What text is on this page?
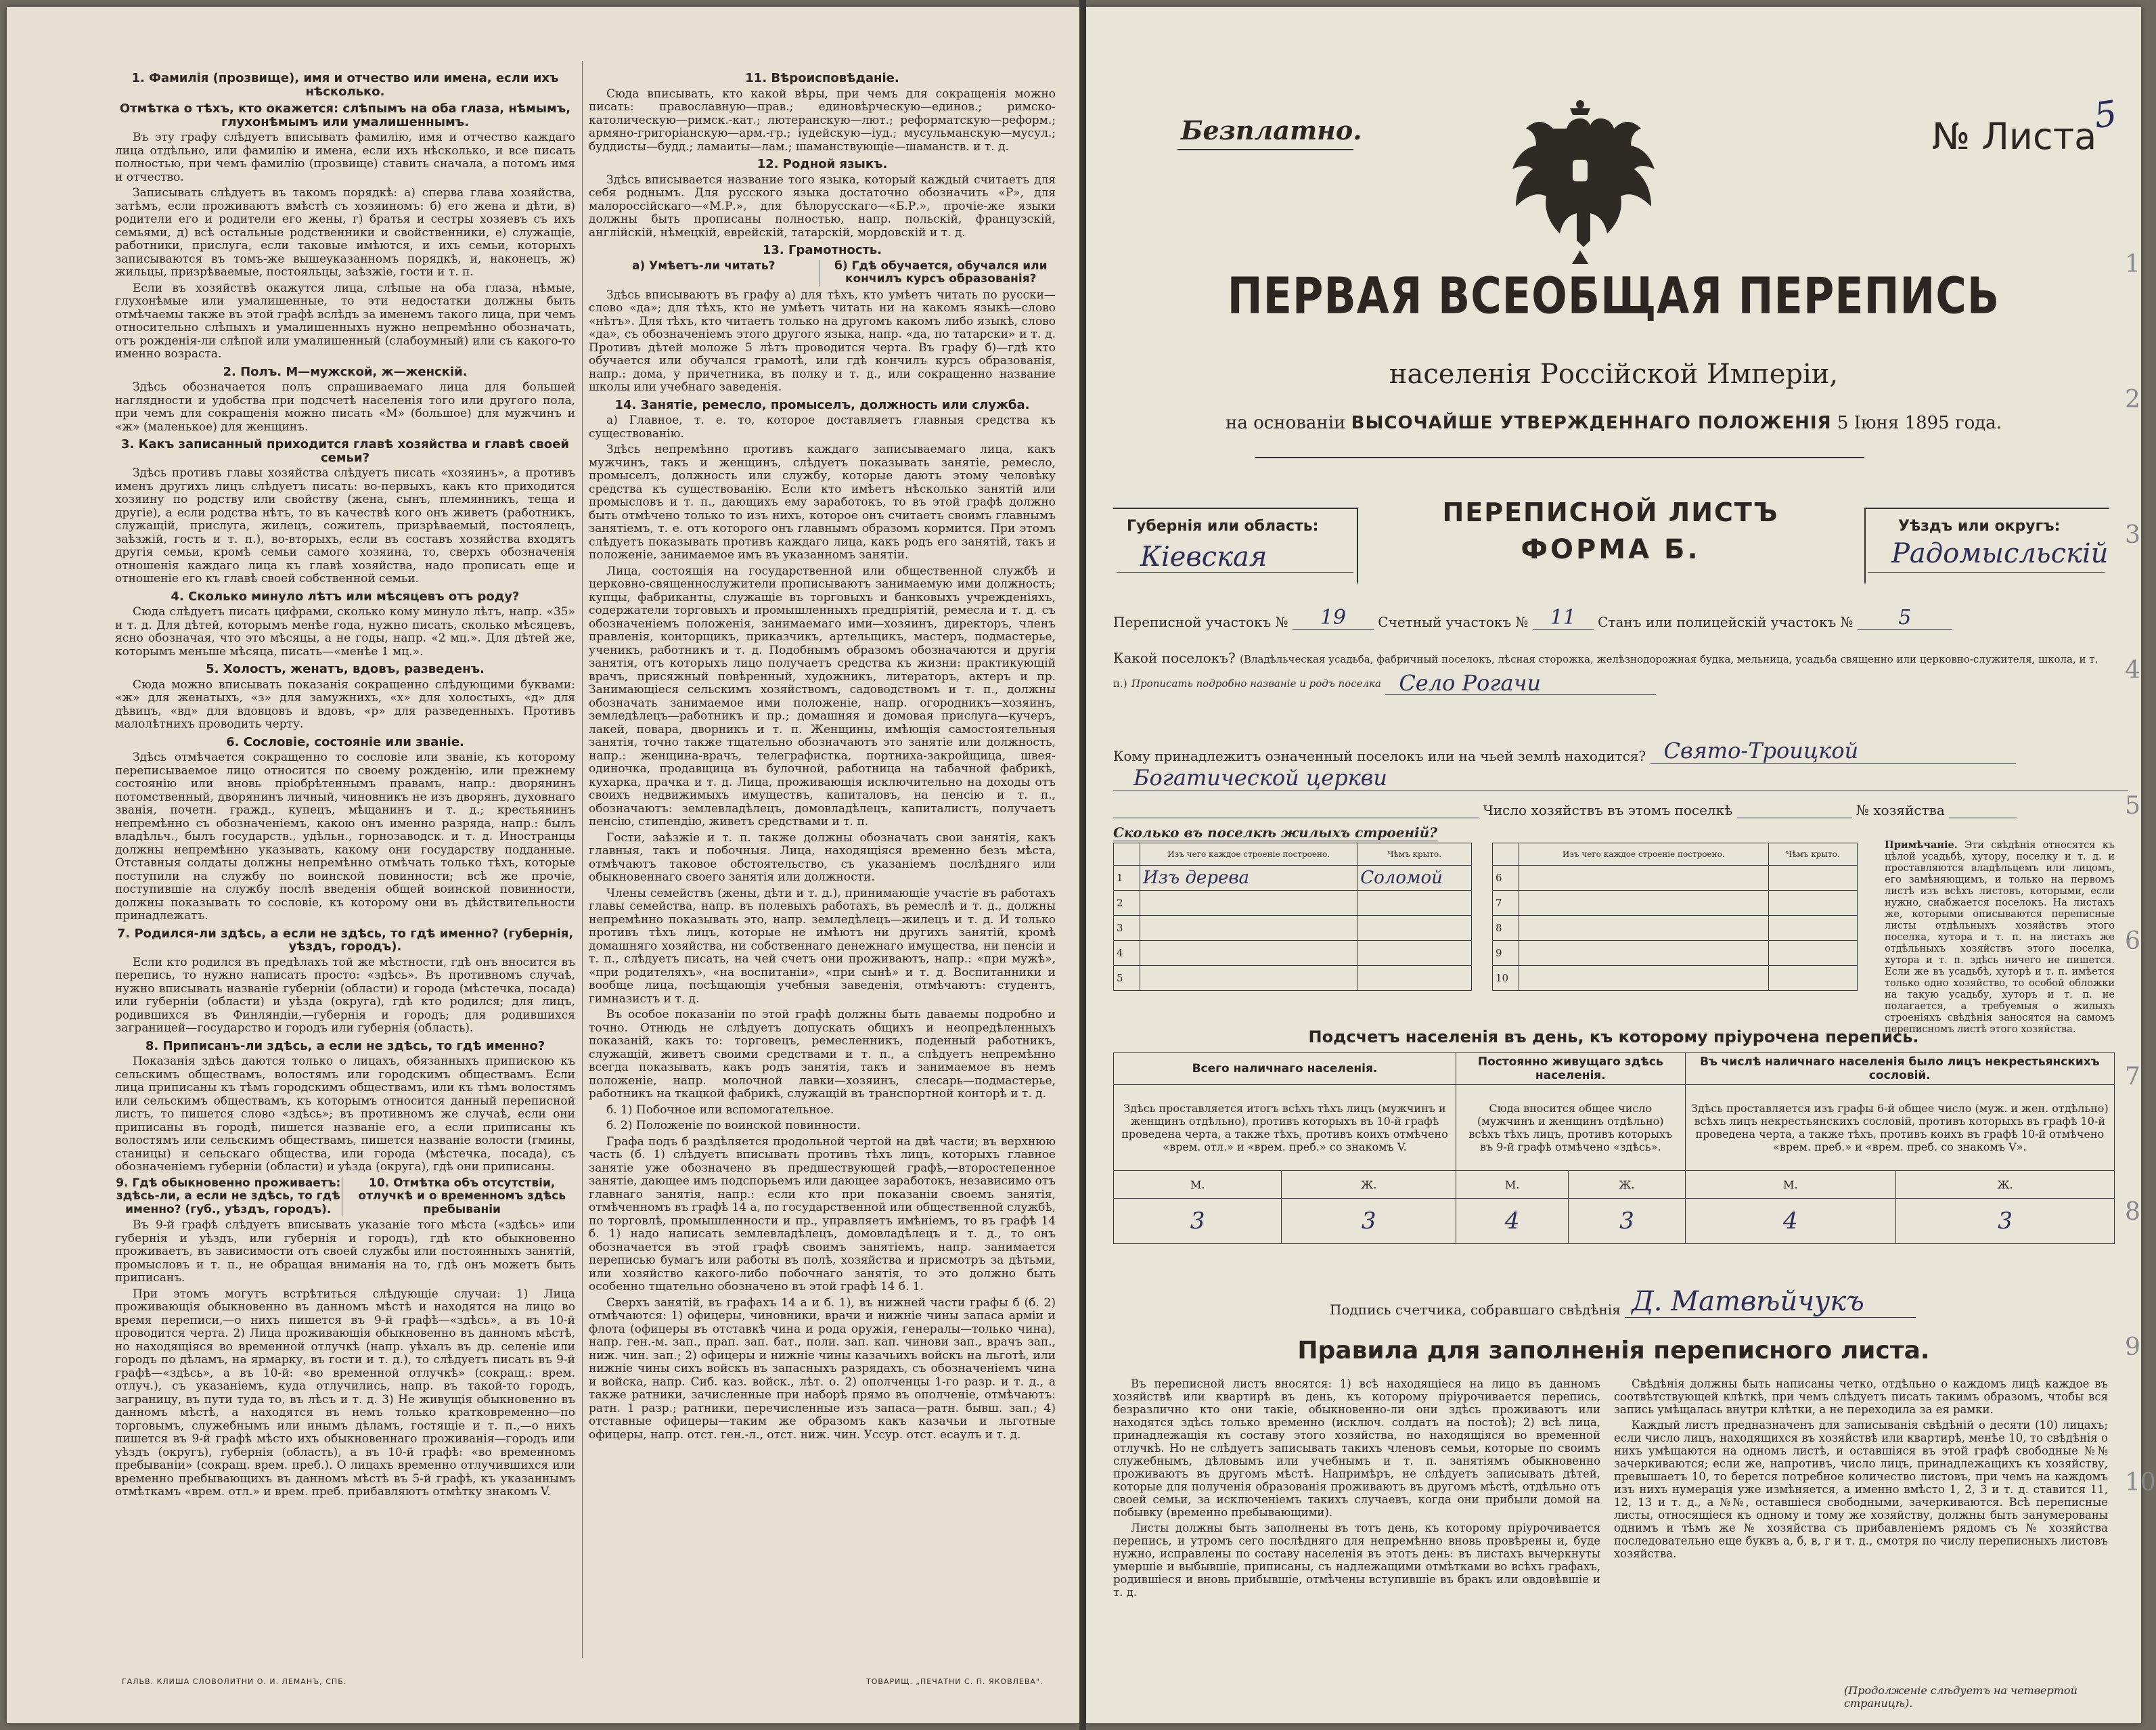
1. Фамилія (прозвище), имя и отчество или имена, если ихъ нѣсколько.
Отмѣтка о тѣхъ, кто окажется: слѣпымъ на оба глаза, нѣмымъ, глухонѣмымъ или умалишеннымъ.

Въ эту графу слѣдуетъ вписывать фамилію, имя и отчество каждаго лица отдѣльно, или фамилію и имена, если ихъ нѣсколько, и все писать полностью, при чемъ фамилію (прозвище) ставить сначала, а потомъ имя и отчество.

Записывать слѣдуетъ въ такомъ порядкѣ: а) сперва глава хозяйства, затѣмъ, если проживаютъ вмѣстѣ съ хозяиномъ: б) его жена и дѣти, в) родители его и родители его жены, г) братья и сестры хозяевъ съ ихъ семьями, д) всѣ остальные родственники и свойственники, е) служащіе, работники, прислуга, если таковые имѣются, и ихъ семьи, которыхъ записываются въ томъ-же вышеуказанномъ порядкѣ, и, наконецъ, ж) жильцы, призрѣваемые, постояльцы, заѣзжіе, гости и т. п.

Если въ хозяйствѣ окажутся лица, слѣпые на оба глаза, нѣмые, глухонѣмые или умалишенные, то эти недостатки должны быть отмѣчаемы также въ этой графѣ вслѣдъ за именемъ такого лица, при чемъ относительно слѣпыхъ и умалишенныхъ нужно непремѣнно обозначать, отъ рожденія-ли слѣпой или умалишенный (слабоумный) или съ какого-то именно возраста.

2. Полъ. М—мужской, ж—женскій.

Здѣсь обозначается полъ спрашиваемаго лица для большей наглядности и удобства при подсчетѣ населенія того или другого пола, при чемъ для сокращенія можно писать «М» (большое) для мужчинъ и «ж» (маленькое) для женщинъ.

3. Какъ записанный приходится главѣ хозяйства и главѣ своей семьи?

Здѣсь противъ главы хозяйства слѣдуетъ писать «хозяинъ», а противъ именъ другихъ лицъ слѣдуетъ писать: во-первыхъ, какъ кто приходится хозяину по родству или свойству (жена, сынъ, племянникъ, теща и другіе), а если родства нѣтъ, то въ качествѣ кого онъ живетъ (работникъ, служащій, прислуга, жилецъ, сожитель, призрѣваемый, постоялецъ, заѣзжій, гость и т. п.), во-вторыхъ, если въ составъ хозяйства входятъ другія семьи, кромѣ семьи самого хозяина, то, сверхъ обозначенія отношенія каждаго лица къ главѣ хозяйства, надо прописать еще и отношеніе его къ главѣ своей собственной семьи.

4. Сколько минуло лѣтъ или мѣсяцевъ отъ роду?

Сюда слѣдуетъ писать цифрами, сколько кому минуло лѣтъ, напр. «35» и т. д. Для дѣтей, которымъ менѣе года, нужно писать, сколько мѣсяцевъ, ясно обозначая, что это мѣсяцы, а не годы, напр. «2 мц.». Для дѣтей же, которымъ меньше мѣсяца, писать—«менѣе 1 мц.».

5. Холостъ, женатъ, вдовъ, разведенъ.

Сюда можно вписывать показанія сокращенно слѣдующими буквами: «ж» для женатыхъ, «з» для замужнихъ, «х» для холостыхъ, «д» для дѣвицъ, «вд» для вдовцовъ и вдовъ, «р» для разведенныхъ. Противъ малолѣтнихъ проводить черту.

6. Сословіе, состояніе или званіе.

Здѣсь отмѣчается сокращенно то сословіе или званіе, къ которому переписываемое лицо относится по своему рожденію, или прежнему состоянію или вновь пріобрѣтеннымъ правамъ, напр.: дворянинъ потомственный, дворянинъ личный, чиновникъ не изъ дворянъ, духовнаго званія, почетн. гражд., купецъ, мѣщанинъ и т. д.; крестьянинъ непремѣнно съ обозначеніемъ, какою онъ именно разряда, напр.: былъ владѣльч., былъ государств., удѣльн., горнозаводск. и т. д. Иностранцы должны непремѣнно указывать, какому они государству подданные. Отставныя солдаты должны непремѣнно отмѣчать только тѣхъ, которые поступили на службу по воинской повинности; всѣ же прочіе, поступившіе на службу послѣ введенія общей воинской повинности, должны показывать то сословіе, къ которому они въ дѣйствительности принадлежатъ.

7. Родился-ли здѣсь, а если не здѣсь, то гдѣ именно? (губернія, уѣздъ, городъ).

Если кто родился въ предѣлахъ той же мѣстности, гдѣ онъ вносится въ перепись, то нужно написать просто: «здѣсь». Въ противномъ случаѣ, нужно вписывать названіе губерніи (области) и города (мѣстечка, посада) или губерніи (области) и уѣзда (округа), гдѣ кто родился; для лицъ, родившихся въ Финляндіи,—губернія и городъ; для родившихся заграницей—государство и городъ или губернія (область).

8. Приписанъ-ли здѣсь, а если не здѣсь, то гдѣ именно?

Показанія здѣсь даются только о лицахъ, обязанныхъ припискою къ сельскимъ обществамъ, волостямъ или городскимъ обществамъ. Если лица приписаны къ тѣмъ городскимъ обществамъ, или къ тѣмъ волостямъ или сельскимъ обществамъ, къ которымъ относится данный переписной листъ, то пишется слово «здѣсь»; въ противномъ же случаѣ, если они приписаны въ городѣ, пишется названіе его, а если приписаны къ волостямъ или сельскимъ обществамъ, пишется названіе волости (гмины, станицы) и сельскаго общества, или города (мѣстечка, посада), съ обозначеніемъ губерніи (области) и уѣзда (округа), гдѣ они приписаны.

9. Гдѣ обыкновенно проживаетъ: здѣсь-ли, а если не здѣсь, то гдѣ именно? (губ., уѣздъ, городъ).
10. Отмѣтка объ отсутствіи, отлучкѣ и о временномъ здѣсь пребываніи

Въ 9-й графѣ слѣдуетъ вписывать указаніе того мѣста («здѣсь» или губернія и уѣздъ, или губернія и городъ), гдѣ кто обыкновенно проживаетъ, въ зависимости отъ своей службы или постоянныхъ занятій, промысловъ и т. п., не обращая вниманія на то, гдѣ онъ можетъ быть приписанъ.

При этомъ могутъ встрѣтиться слѣдующіе случаи: 1) Лица проживающія обыкновенно въ данномъ мѣстѣ и находятся на лицо во время переписи,—о нихъ пишется въ 9-й графѣ—«здѣсь», а въ 10-й проводится черта. 2) Лица проживающія обыкновенно въ данномъ мѣстѣ, но находящіяся во временной отлучкѣ (напр. уѣхалъ въ др. селеніе или городъ по дѣламъ, на ярмарку, въ гости и т. д.), то слѣдуетъ писать въ 9-й графѣ—«здѣсь», а въ 10-й: «во временной отлучкѣ» (сокращ.: врем. отлуч.), съ указаніемъ, куда отлучились, напр. въ такой-то городъ, заграницу, въ пути туда то, въ лѣсъ и т. д. 3) Не живущія обыкновенно въ данномъ мѣстѣ, а находятся въ немъ только кратковременно—по торговымъ, служебнымъ или инымъ дѣламъ, гостящіе и т. п.,—о нихъ пишется въ 9-й графѣ мѣсто ихъ обыкновеннаго проживанія—городъ или уѣздъ (округъ), губернія (область), а въ 10-й графѣ: «во временномъ пребываніи» (сокращ. врем. преб.). О лицахъ временно отлучившихся или временно пребывающихъ въ данномъ мѣстѣ въ 5-й графѣ, къ указаннымъ отмѣткамъ «врем. отл.» и врем. преб. прибавляютъ отмѣтку знакомъ V.

11. Вѣроисповѣданіе.

Сюда вписывать, кто какой вѣры, при чемъ для сокращенія можно писать: православную—прав.; единовѣрческую—единов.; римско-католическую—римск.-кат.; лютеранскую—лют.; реформатскую—реформ.; армяно-григоріанскую—арм.-гр.; іудейскую—іуд.; мусульманскую—мусул.; буддисты—будд.; ламаиты—лам.; шаманствующіе—шаманств. и т. д.

12. Родной языкъ.

Здѣсь вписывается название того языка, который каждый считаетъ для себя роднымъ. Для русского языка достаточно обозначить «Р», для малороссійскаго—«М.Р.», для бѣлорусскаго—«Б.Р.», прочіе-же языки должны быть прописаны полностью, напр. польскій, французскій, англійскій, нѣмецкій, еврейскій, татарскій, мордовскій и т. д.

13. Грамотность.
а) Умѣетъ-ли читать?	б) Гдѣ обучается, обучался или кончилъ курсъ образованія?

Здѣсь вписываютъ въ графу а) для тѣхъ, кто умѣетъ читать по русски—слово «да»; для тѣхъ, кто не умѣетъ читать ни на какомъ языкѣ—слово «нѣтъ». Для тѣхъ, кто читаетъ только на другомъ какомъ либо языкѣ, слово «да», съ обозначеніемъ этого другого языка, напр. «да, по татарски» и т. д. Противъ дѣтей моложе 5 лѣтъ проводится черта. Въ графу б)—гдѣ кто обучается или обучался грамотѣ, или гдѣ кончилъ курсъ образованія, напр.: дома, у причетника, въ полку и т. д., или сокращенно название школы или учебнаго заведенія.

14. Занятіе, ремесло, промыселъ, должность или служба.

а) Главное, т. е. то, которое доставляетъ главныя средства къ существованію.

Здѣсь непремѣнно противъ каждаго записываемаго лица, какъ мужчинъ, такъ и женщинъ, слѣдуетъ показывать занятіе, ремесло, промыселъ, должность или службу, которые даютъ этому человѣку средства къ существованію. Если кто имѣетъ нѣсколько занятій или промысловъ и т. п., дающихъ ему заработокъ, то въ этой графѣ должно быть отмѣчено только то изъ нихъ, которое онъ считаетъ своимъ главнымъ занятіемъ, т. е. отъ которого онъ главнымъ образомъ кормится. При этомъ слѣдуетъ показывать противъ каждаго лица, какъ родъ его занятій, такъ и положеніе, занимаемое имъ въ указанномъ занятіи.

Лица, состоящія на государственной или общественной службѣ и церковно-священнослужители прописываютъ занимаемую ими должность; купцы, фабриканты, служащіе въ торговыхъ и банковыхъ учрежденіяхъ, содержатели торговыхъ и промышленныхъ предпріятій, ремесла и т. д. съ обозначеніемъ положенія, занимаемаго ими—хозяинъ, директоръ, членъ правленія, конторщикъ, приказчикъ, артельщикъ, мастеръ, подмастерье, ученикъ, работникъ и т. д. Подобнымъ образомъ обозначаются и другія занятія, отъ которыхъ лицо получаетъ средства къ жизни: практикующій врачъ, присяжный повѣренный, художникъ, литераторъ, актеръ и пр. Занимающіеся сельскимъ хозяйствомъ, садоводствомъ и т. п., должны обозначать занимаемое ими положеніе, напр. огородникъ—хозяинъ, земледѣлецъ—работникъ и пр.; домашняя и домовая прислуга—кучеръ, лакей, повара, дворникъ и т. п. Женщины, имѣющія самостоятельныя занятія, точно также тщательно обозначаютъ это занятіе или должность, напр.: женщина-врачъ, телеграфистка, портниха-закройщица, швея-одиночка, продавщица въ булочной, работница на табачной фабрикѣ, кухарка, прачка и т. д. Лица, проживающія исключительно на доходы отъ своихъ недвижимыхъ имуществъ, капиталовъ, на пенсію и т. п., обозначаютъ: землевладѣлецъ, домовладѣлецъ, капиталистъ, получаетъ пенсію, стипендію, живетъ средствами и т. п.

Гости, заѣзжіе и т. п. также должны обозначать свои занятія, какъ главныя, такъ и побочныя. Лица, находящіяся временно безъ мѣста, отмѣчаютъ таковое обстоятельство, съ указаніемъ послѣдняго или обыкновеннаго своего занятія или должности.

Члены семействъ (жены, дѣти и т. д.), принимающіе участіе въ работахъ главы семейства, напр. въ полевыхъ работахъ, въ ремеслѣ и т. д., должны непремѣнно показывать это, напр. земледѣлецъ—жилецъ и т. д. И только противъ тѣхъ лицъ, которые не имѣютъ ни другихъ занятій, кромѣ домашняго хозяйства, ни собственнаго денежнаго имущества, ни пенсіи и т. п., слѣдуетъ писать, на чей счетъ они проживаютъ, напр.: «при мужѣ», «при родителяхъ», «на воспитаніи», «при сынѣ» и т. д. Воспитанники и вообще лица, посѣщающія учебныя заведенія, отмѣчаютъ: студентъ, гимназистъ и т. д.

Въ особое показаніи по этой графѣ должны быть даваемы подробно и точно. Отнюдь не слѣдуетъ допускать общихъ и неопредѣленныхъ показаній, какъ то: торговецъ, ремесленникъ, поденный работникъ, служащій, живетъ своими средствами и т. п., а слѣдуетъ непремѣнно всегда показывать, какъ родъ занятія, такъ и занимаемое въ немъ положеніе, напр. молочной лавки—хозяинъ, слесарь—подмастерье, работникъ на ткацкой фабрикѣ, служащій въ транспортной конторѣ и т. д.

б. 1) Побочное или вспомогательное.

б. 2) Положеніе по воинской повинности.

Графа подъ б раздѣляется продольной чертой на двѣ части; въ верхнюю часть (б. 1) слѣдуетъ вписывать противъ тѣхъ лицъ, которыхъ главное занятіе уже обозначено въ предшествующей графѣ,—второстепенное занятіе, дающее имъ подспорьемъ или дающее заработокъ, независимо отъ главнаго занятія, напр.: если кто при показаніи своемъ занятія, отмѣченномъ въ графѣ 14 а, по государственной или общественной службѣ, по торговлѣ, промышленности и пр., управляетъ имѣніемъ, то въ графѣ 14 б. 1) надо написать землевладѣлецъ, домовладѣлецъ и т. д., то онъ обозначается въ этой графѣ своимъ занятіемъ, напр. занимается переписью бумагъ или работы въ полѣ, хозяйства и присмотръ за дѣтьми, или хозяйство какого-либо побочнаго занятія, то это должно быть особенно тщательно обозначено въ этой графѣ 14 б. 1.

Сверхъ занятій, въ графахъ 14 а и б. 1), въ нижней части графы б (б. 2) отмѣчаются: 1) офицеры, чиновники, врачи и нижніе чины запаса армiи и флота (офицеры въ отставкѣ чина и рода оружія, генералы—только чина), напр. ген.-м. зап., прап. зап. бат., поли. зап. кап. чинови зап., врачъ зап., ниж. чин. зап.; 2) офицеры и нижніе чины казачьихъ войскъ на льготѣ, или нижніе чины сихъ войскъ въ запасныхъ разрядахъ, съ обозначеніемъ чина и войска, напр. Сиб. каз. войск., лѣт. о. 2) ополченцы 1-го разр. и т. д., а также ратники, зачисленные при наборѣ прямо въ ополченіе, отмѣчаютъ: ратн. 1 разр.; ратники, перечисленные изъ запаса—ратн. бывш. зап.; 4) отставные офицеры—таким же образомъ какъ казачьи и льготные офицеры, напр. отст. ген.-л., отст. ниж. чин. Уссур. отст. есаулъ и т. д.

ГАЛЬВ. КЛИША СЛОВОЛИТНИ О. И. ЛЕМАНЪ, СПБ.	ТОВАРИЩ. „ПЕЧАТНИ С. П. ЯКОВЛЕВА".
Безплатно.	№ Листа
5
ПЕРВАЯ ВСЕОБЩАЯ ПЕРЕПИСЬ
населенія Россійской Имперіи,
на основаніи ВЫСОЧАЙШЕ УТВЕРЖДЕННАГО ПОЛОЖЕНІЯ 5 Іюня 1895 года.
Губернія или область:
Кіевская
ПЕРЕПИСНОЙ ЛИСТЪ
ФОРМА Б.
Уѣздъ или округъ:
Радомысльскій
Переписной участокъ № 19 Счетный участокъ № 11 Станъ или полицейскій участокъ № 5
Какой поселокъ? (Владѣльческая усадьба, фабричный поселокъ, лѣсная сторожка, желѣзнодорожная будка, мельница, усадьба священно или церковно-служителя, школа, и т. п.) Прописать подробно названіе и родъ поселка Село Рогачи
Кому принадлежитъ означенный поселокъ или на чьей землѣ находится? Свято-Троицкой
Богатической церкви
Число хозяйствъ въ этомъ поселкѣ	№ хозяйства
Сколько въ поселкѣ жилыхъ строеній?
	Изъ чего каждое строеніе построено.	Чѣмъ крыто.
1	Изъ дерева	Соломой
2		
3		
4		
5		
	Изъ чего каждое строеніе построено.	Чѣмъ крыто.
6		
7		
8		
9		
10		
Примѣчаніе. Эти свѣдѣнія относятся къ цѣлой усадьбѣ, хутору, поселку и т. д. и проставляются владѣльцемъ или лицомъ, его замѣняющимъ, и только на первомъ листѣ изъ всѣхъ листовъ, которыми, если нужно, снабжается поселокъ. На листахъ же, которыми описываются переписные листы отдѣльныхъ хозяйствъ этого поселка, хутора и т. п. на листахъ же отдѣльныхъ хозяйствъ этого поселка, хутора и т. п. здѣсь ничего не пишется. Если же въ усадьбѣ, хуторѣ и т. п. имѣется только одно хозяйство, то особой обложки на такую усадьбу, хуторъ и т. п. не полагается, а требуемыя о жилыхъ строеніяхъ свѣдѣнія заносятся на самомъ переписномъ листѣ этого хозяйства.
Подсчетъ населенія въ день, къ которому пріурочена перепись.
Всего наличнаго населенія.		Постоянно живущаго здѣсь населенія.		Въ числѣ наличнаго населенія было лицъ некрестьянскихъ сословій.	
Здѣсь проставляется итогъ всѣхъ тѣхъ лицъ (мужчинъ и женщинъ отдѣльно), противъ которыхъ въ 10-й графѣ проведена черта, а также тѣхъ, противъ коихъ отмѣчено «врем. отл.» и «врем. преб.» со знакомъ V.		Сюда вносится общее число (мужчинъ и женщинъ отдѣльно) всѣхъ тѣхъ лицъ, противъ которыхъ въ 9-й графѣ отмѣчено «здѣсь».		Здѣсь проставляется изъ графы 6-й общее число (муж. и жен. отдѣльно) всѣхъ лицъ некрестьянскихъ сословій, противъ которыхъ въ графѣ 10-й проведена черта, а также тѣхъ, противъ коихъ въ графѣ 10-й отмѣчено «врем. преб.» и «врем. преб. со знакомъ V».	
М.	Ж.	М.	Ж.	М.	Ж.
3	3	4	3	4	3
Подпись счетчика, собравшаго свѣдѣнія Д. Матвѣйчукъ
Правила для заполненія переписного листа.

Въ переписной листъ вносятся: 1) всѣ находящіеся на лицо въ данномъ хозяйствѣ или квартирѣ въ день, къ которому пріурочивается перепись, безразлично кто они такіе, обыкновенно-ли они здѣсь проживаютъ или находятся здѣсь только временно (исключ. солдатъ на постоѣ); 2) всѣ лица, принадлежащія къ составу этого хозяйства, но находящіяся во временной отлучкѣ. Но не слѣдуетъ записывать такихъ членовъ семьи, которые по своимъ служебнымъ, дѣловымъ или учебнымъ и т. п. занятіямъ обыкновенно проживаютъ въ другомъ мѣстѣ. Напримѣръ, не слѣдуетъ записывать дѣтей, которые для полученія образованія проживаютъ въ другомъ мѣстѣ, отдѣльно отъ своей семьи, за исключеніемъ такихъ случаевъ, когда они прибыли домой на побывку (временно пребывающими).

Листы должны быть заполнены въ тотъ день, къ которому пріурочивается перепись, и утромъ сего послѣдняго для непремѣнно вновь провѣрены и, буде нужно, исправлены по составу населенія въ этотъ день: въ листахъ вычеркнуты умершіе и выбывшіе, приписаны, съ надлежащими отмѣтками во всѣхъ графахъ, родившіеся и вновь прибывшіе, отмѣчены вступившіе въ бракъ или овдовѣвшіе и т. д.

Свѣдѣнія должны быть написаны четко, отдѣльно о каждомъ лицѣ каждое въ соотвѣтствующей клѣткѣ, при чемъ слѣдуетъ писать такимъ образомъ, чтобы вся запись умѣщалась внутри клѣтки, а не переходила за ея рамки.

Каждый листъ предназначенъ для записыванія свѣдѣній о десяти (10) лицахъ; если число лицъ, находящихся въ хозяйствѣ или квартирѣ, менѣе 10, то свѣдѣнія о нихъ умѣщаются на одномъ листѣ, и оставшіяся въ этой графѣ свободные №№ зачеркиваются; если же, напротивъ, число лицъ, принадлежащихъ къ хозяйству, превышаетъ 10, то берется потребное количество листовъ, при чемъ на каждомъ изъ нихъ нумерація уже измѣняется, а именно вмѣсто 1, 2, 3 и т. д. ставится 11, 12, 13 и т. д., а №№, оставшіеся свободными, зачеркиваются. Всѣ переписные листы, относящіеся къ одному и тому же хозяйству, должны быть занумерованы однимъ и тѣмъ же № хозяйства съ прибавленіемъ рядомъ съ № хозяйства последовательно еще буквъ а, б, в, г и т. д., смотря по числу переписныхъ листовъ хозяйства.

(Продолженіе слѣдуетъ на четвертой страницѣ).
1
2
3
4
5
6
7
8
9
10
